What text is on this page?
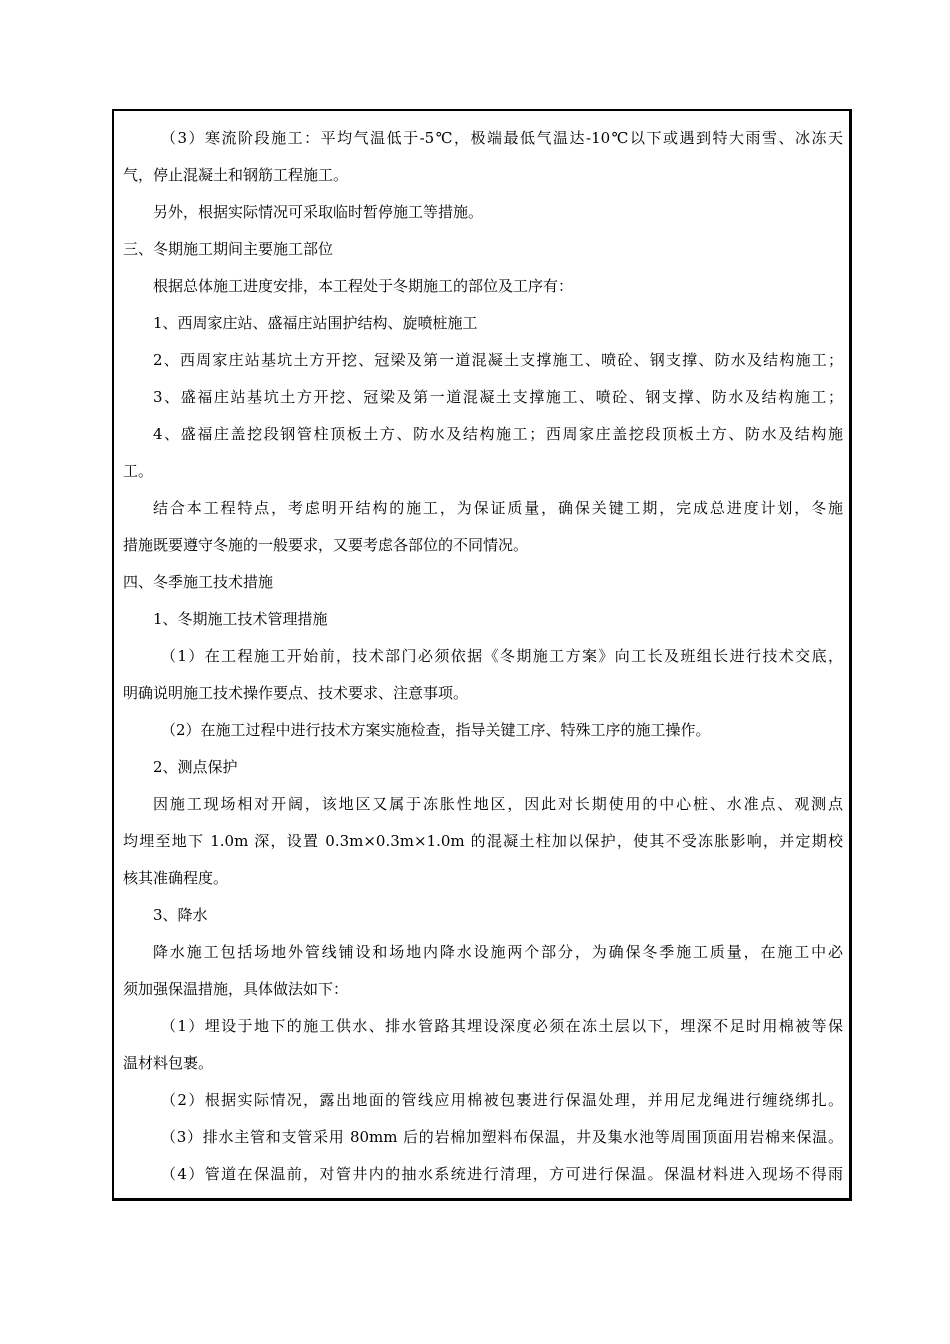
（3）寒流阶段施工：平均气温低于-5℃，极端最低气温达-10℃以下或遇到特大雨雪、冰冻天
气，停止混凝土和钢筋工程施工。
另外，根据实际情况可采取临时暂停施工等措施。
三、冬期施工期间主要施工部位
根据总体施工进度安排，本工程处于冬期施工的部位及工序有：
1、西周家庄站、盛福庄站围护结构、旋喷桩施工
2、西周家庄站基坑土方开挖、冠梁及第一道混凝土支撑施工、喷砼、钢支撑、防水及结构施工；
3、盛福庄站基坑土方开挖、冠梁及第一道混凝土支撑施工、喷砼、钢支撑、防水及结构施工；
4、盛福庄盖挖段钢管柱顶板土方、防水及结构施工；西周家庄盖挖段顶板土方、防水及结构施
工。
结合本工程特点，考虑明开结构的施工，为保证质量，确保关键工期，完成总进度计划，冬施
措施既要遵守冬施的一般要求，又要考虑各部位的不同情况。
四、冬季施工技术措施
1、冬期施工技术管理措施
（1）在工程施工开始前，技术部门必须依据《冬期施工方案》向工长及班组长进行技术交底，
明确说明施工技术操作要点、技术要求、注意事项。
（2）在施工过程中进行技术方案实施检查，指导关键工序、特殊工序的施工操作。
2、测点保护
因施工现场相对开阔，该地区又属于冻胀性地区，因此对长期使用的中心桩、水准点、观测点
均埋至地下 1.0m 深，设置 0.3m×0.3m×1.0m 的混凝土柱加以保护，使其不受冻胀影响，并定期校
核其准确程度。
3、降水
降水施工包括场地外管线铺设和场地内降水设施两个部分，为确保冬季施工质量，在施工中必
须加强保温措施，具体做法如下：
（1）埋设于地下的施工供水、排水管路其埋设深度必须在冻土层以下，埋深不足时用棉被等保
温材料包裹。
（2）根据实际情况，露出地面的管线应用棉被包裹进行保温处理，并用尼龙绳进行缠绕绑扎。
（3）排水主管和支管采用 80mm 后的岩棉加塑料布保温，井及集水池等周围顶面用岩棉来保温。
（4）管道在保温前，对管井内的抽水系统进行清理，方可进行保温。保温材料进入现场不得雨
